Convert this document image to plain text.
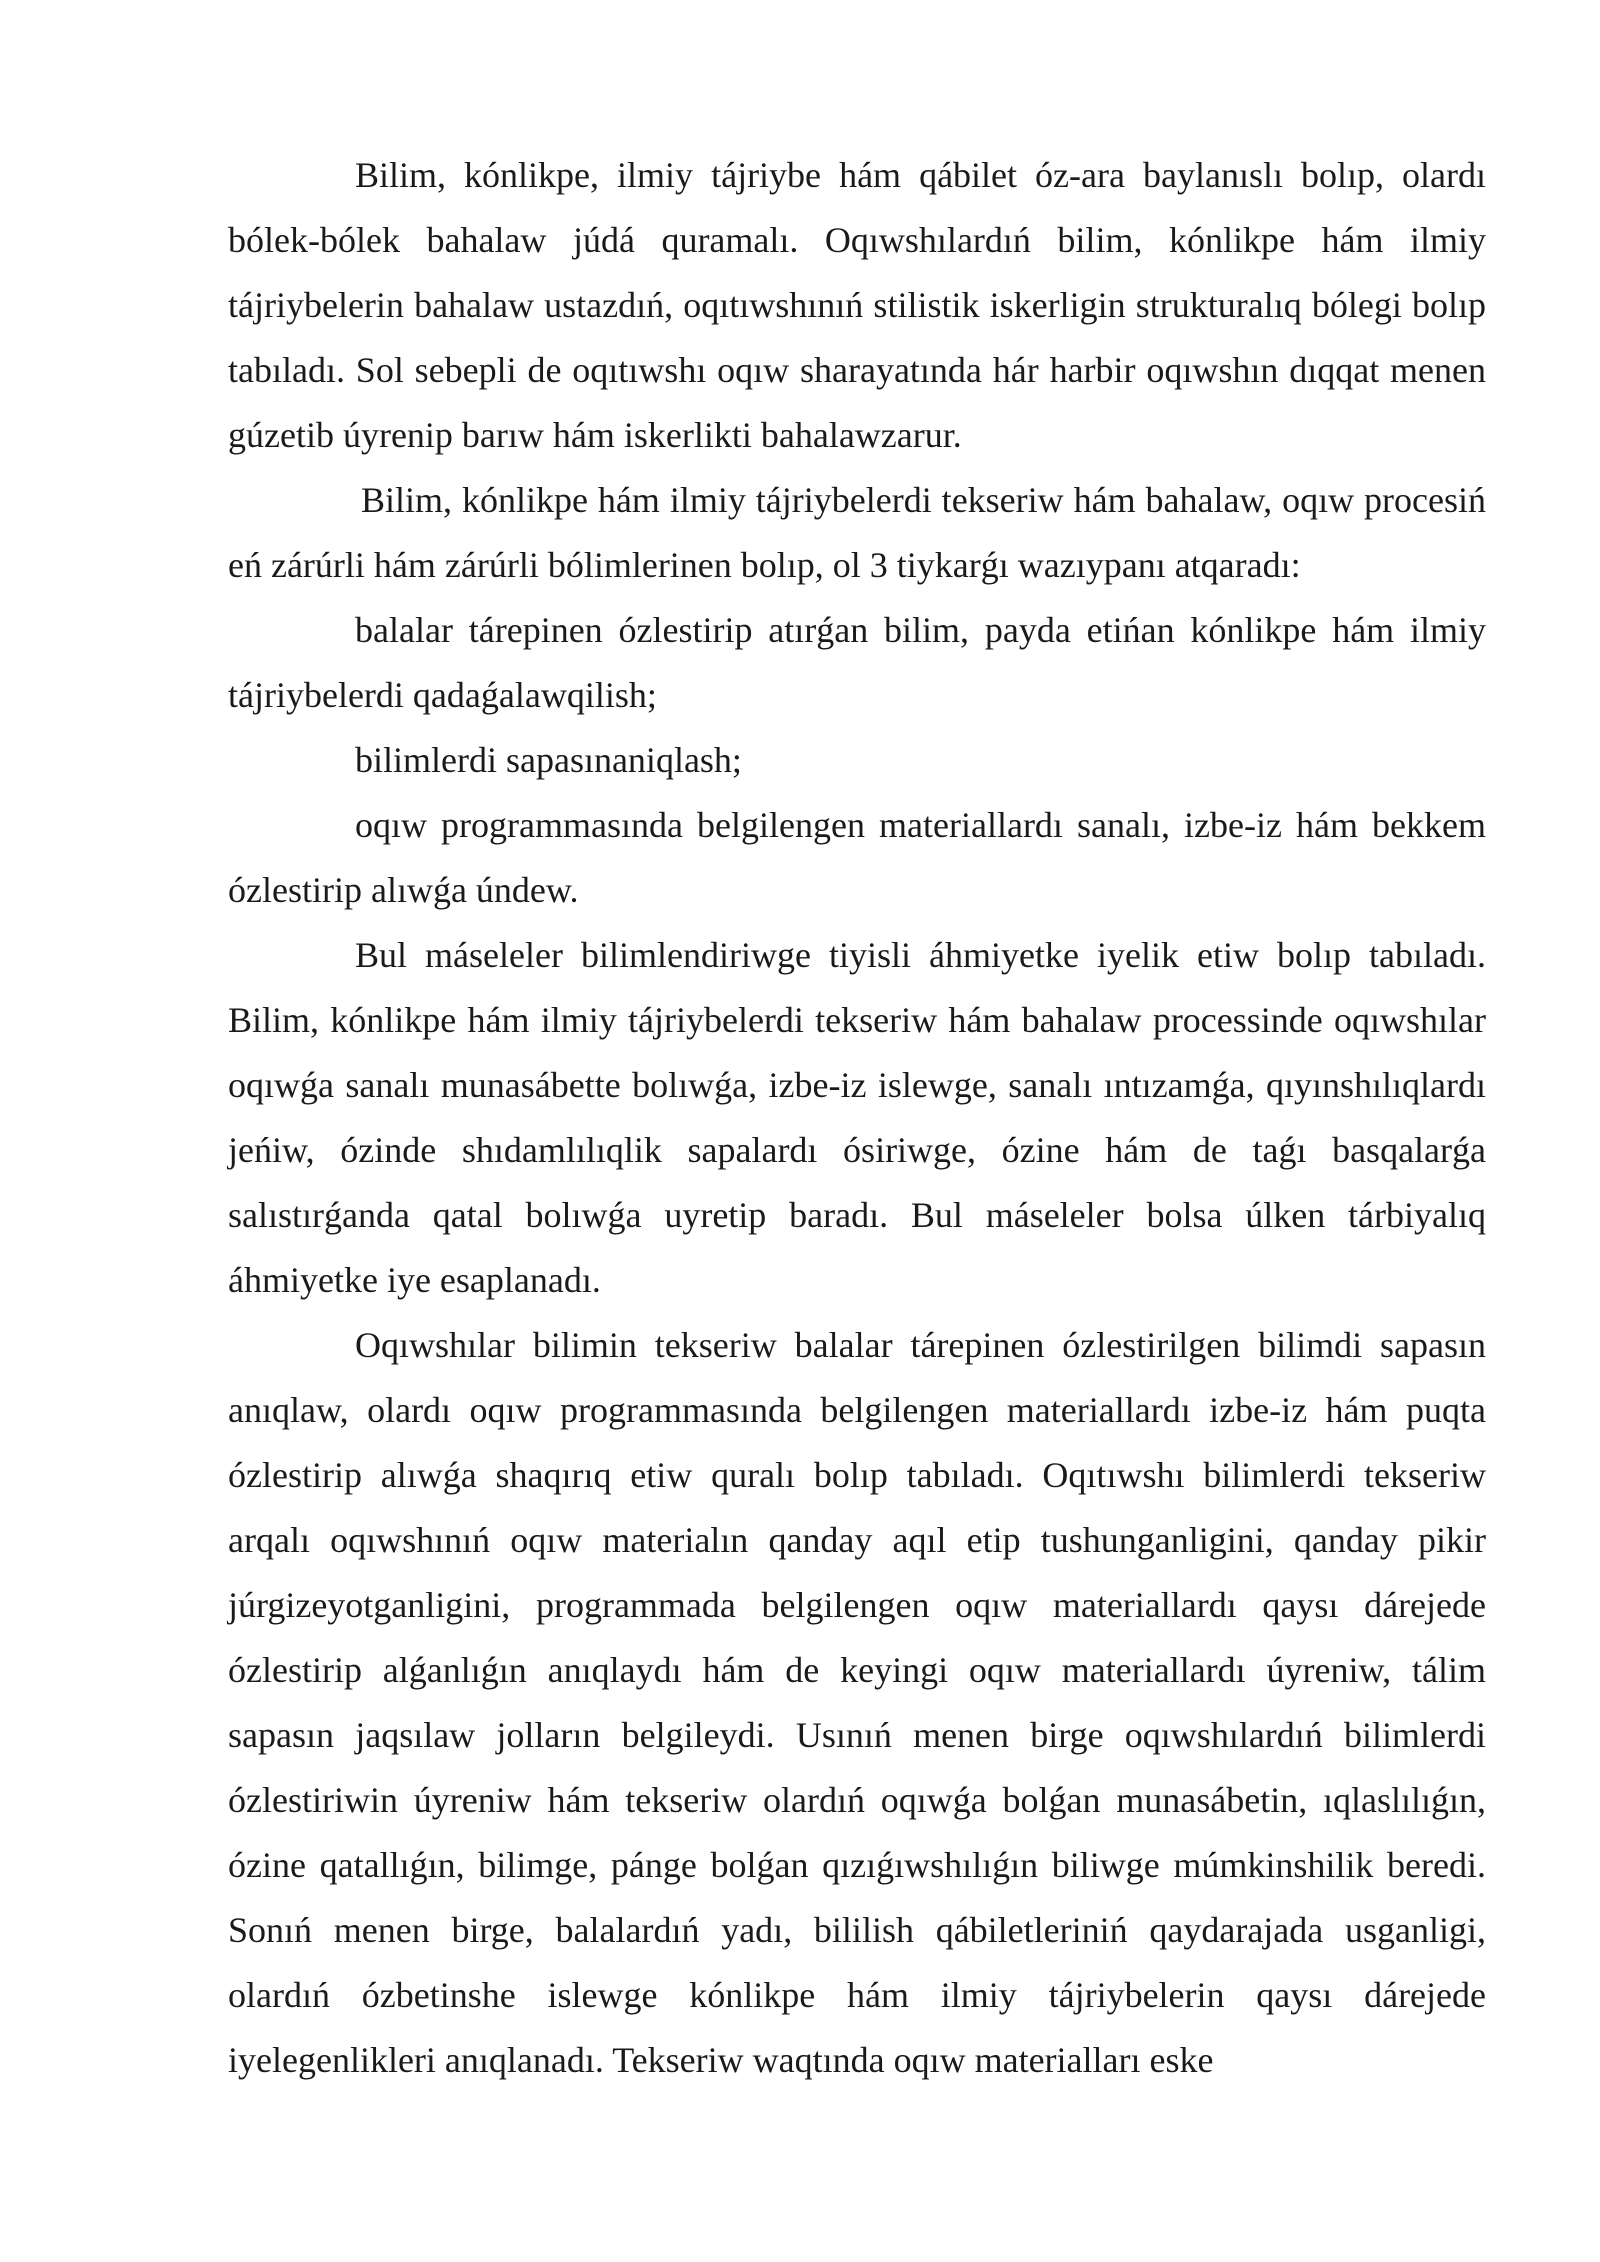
Bilim, kónlikpe, ilmiy tájriybe hám qábilet óz-ara baylanıslı bolıp, olardı bólek-bólek bahalaw júdá quramalı. Oqıwshılardıń bilim, kónlikpe hám ilmiy tájriybelerin bahalaw ustazdıń, oqıtıwshınıń stilistik iskerligin strukturalıq bólegi bolıp tabıladı. Sol sebepli de oqıtıwshı oqıw sharayatında hár harbir oqıwshın dıqqat menen gúzetib úyrenip barıw hám iskerlikti bahalawzarur.

Bilim, kónlikpe hám ilmiy tájriybelerdi tekseriw hám bahalaw, oqıw procesiń eń zárúrli hám zárúrli bólimlerinen bolıp, ol 3 tiykarǵı wazıypanı atqaradı:

balalar tárepinen ózlestirip atırǵan bilim, payda etińan kónlikpe hám ilmiy tájriybelerdi qadaǵalawqilish;

bilimlerdi sapasınaniqlash;

oqıw programmasında belgilengen materiallardı sanalı, izbe-iz hám bekkem ózlestirip alıwǵa úndew.

Bul máseleler bilimlendiriwge tiyisli áhmiyetke iyelik etiw bolıp tabıladı. Bilim, kónlikpe hám ilmiy tájriybelerdi tekseriw hám bahalaw processinde oqıwshılar oqıwǵa sanalı munasábette bolıwǵa, izbe-iz islewge, sanalı ıntızamǵa, qıyınshılıqlardı jeńiw, ózinde shıdamlılıqlik sapalardı ósiriwge, ózine hám de taǵı basqalarǵa salıstırǵanda qatal bolıwǵa uyretip baradı. Bul máseleler bolsa úlken tárbiyalıq áhmiyetke iye esaplanadı.

Oqıwshılar bilimin tekseriw balalar tárepinen ózlestirilgen bilimdi sapasın anıqlaw, olardı oqıw programmasında belgilengen materiallardı izbe-iz hám puqta ózlestirip alıwǵa shaqırıq etiw quralı bolıp tabıladı. Oqıtıwshı bilimlerdi tekseriw arqalı oqıwshınıń oqıw materialın qanday aqıl etip tushunganligini, qanday pikir júrgizeyotganligini, programmada belgilengen oqıw materiallardı qaysı dárejede ózlestirip alǵanlıǵın anıqlaydı hám de keyingi oqıw materiallardı úyreniw, tálim sapasın jaqsılaw jolların belgileydi. Usınıń menen birge oqıwshılardıń bilimlerdi ózlestiriwin úyreniw hám tekseriw olardıń oqıwǵa bolǵan munasábetin, ıqlaslılıǵın, ózine qatallıǵın, bilimge, pánge bolǵan qızıǵıwshılıǵın biliwge múmkinshilik beredi. Sonıń menen birge, balalardıń yadı, bililish qábiletleriniń qaydarajada usganligi, olardıń ózbetinshe islewge kónlikpe hám ilmiy tájriybelerin qaysı dárejede iyelegenlikleri anıqlanadı. Tekseriw waqtında oqıw materialları eske
